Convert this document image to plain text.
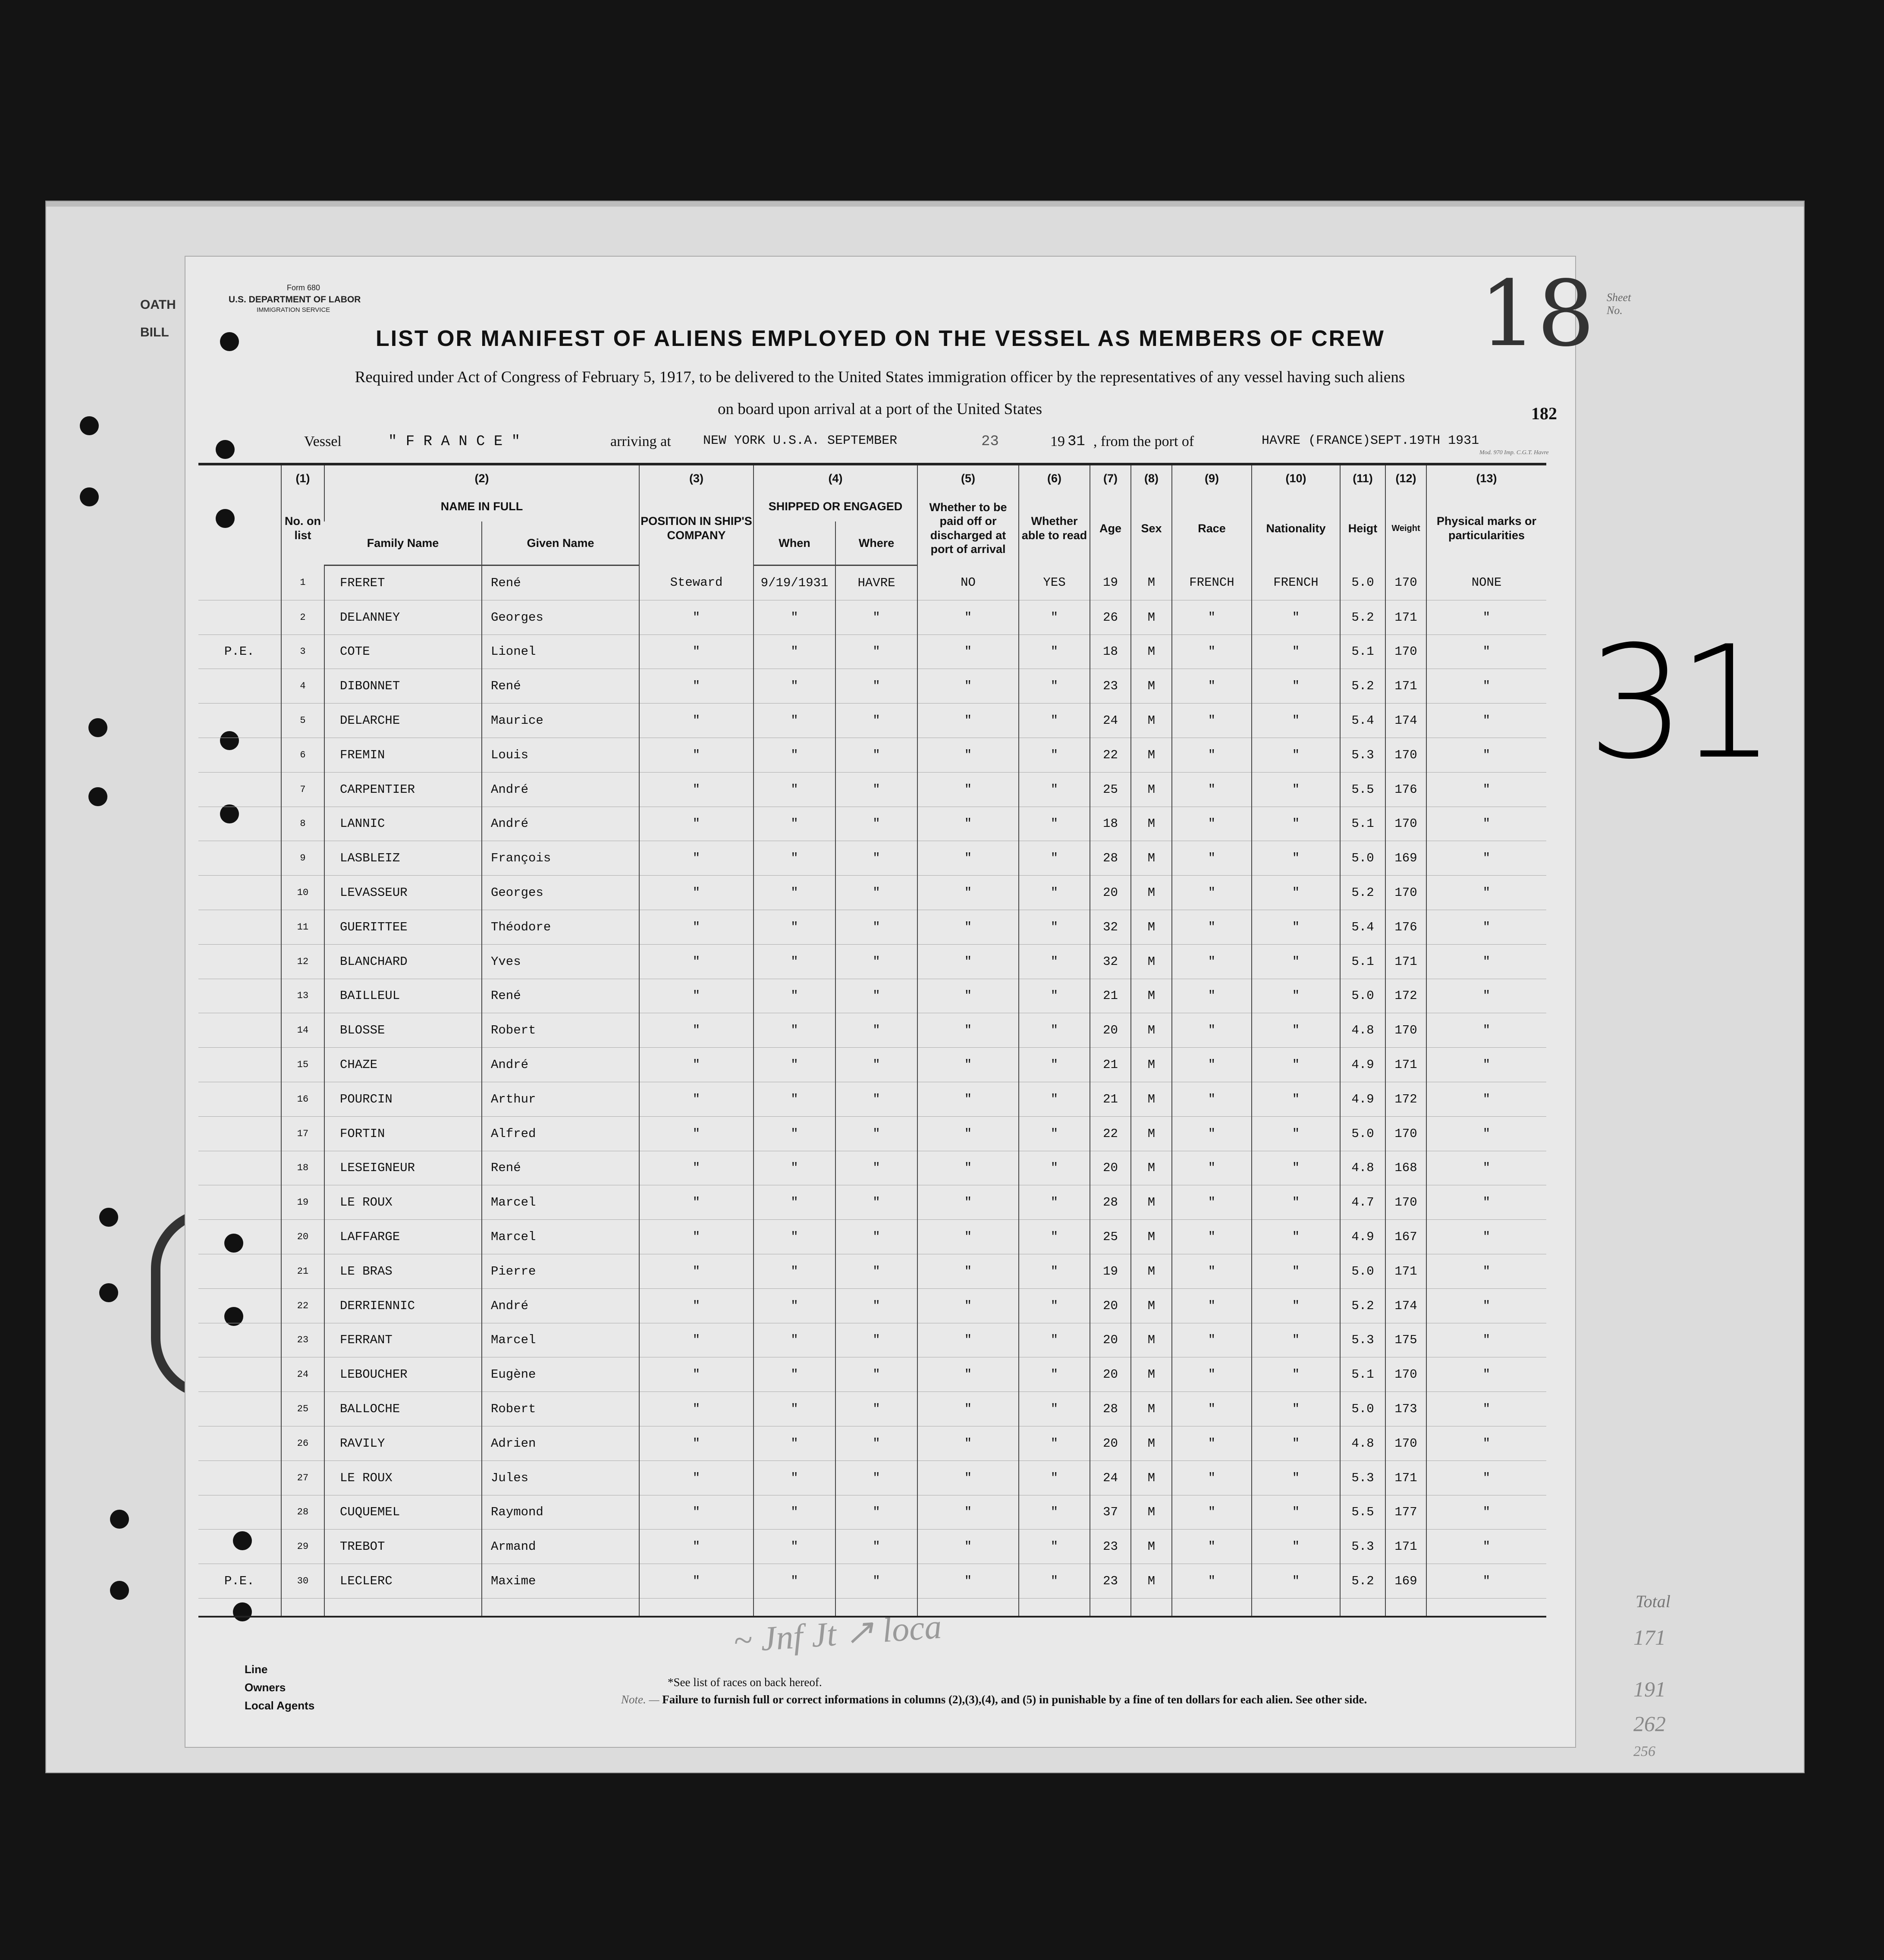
Total
171
191
262
256
31
OATH
BILL
Form 680
U.S. DEPARTMENT OF LABOR
IMMIGRATION SERVICE
Sheet No.
18
LIST OR MANIFEST OF ALIENS EMPLOYED ON THE VESSEL AS MEMBERS OF CREW
Required under Act of Congress of February 5, 1917, to be delivered to the United States immigration officer by the representatives of any vessel having such aliens
on board upon arrival at a port of the United States	182
Vessel	" F R A N C E "	arriving at NEW YORK U.S.A. SEPTEMBER	23	19 31 , from the port of	HAVRE (FRANCE)SEPT.19TH 1931
Mod. 970 Imp. C.G.T. Havre
	(1)	(2)		(3)	(4)		(5)	(6)	(7)	(8)	(9)	(10)	(11)	(12)	(13)
	No. on list	NAME IN FULL		POSITION IN SHIP'S COMPANY	SHIPPED OR ENGAGED		Whether to be paid off or discharged at port of arrival	Whether able to read	Age	Sex	Race	Nationality	Heigt	Weight	Physical marks or particularities
		Family Name	Given Name		When	Where									
	1	FRERET	René	Steward	9/19/1931	HAVRE	NO	YES	19	M	FRENCH	FRENCH	5.0	170	NONE
	2	DELANNEY	Georges	"	"	"	"	"	26	M	"	"	5.2	171	"
P.E.	3	COTE	Lionel	"	"	"	"	"	18	M	"	"	5.1	170	"
	4	DIBONNET	René	"	"	"	"	"	23	M	"	"	5.2	171	"
	5	DELARCHE	Maurice	"	"	"	"	"	24	M	"	"	5.4	174	"
	6	FREMIN	Louis	"	"	"	"	"	22	M	"	"	5.3	170	"
	7	CARPENTIER	André	"	"	"	"	"	25	M	"	"	5.5	176	"
	8	LANNIC	André	"	"	"	"	"	18	M	"	"	5.1	170	"
	9	LASBLEIZ	François	"	"	"	"	"	28	M	"	"	5.0	169	"
	10	LEVASSEUR	Georges	"	"	"	"	"	20	M	"	"	5.2	170	"
	11	GUERITTEE	Théodore	"	"	"	"	"	32	M	"	"	5.4	176	"
	12	BLANCHARD	Yves	"	"	"	"	"	32	M	"	"	5.1	171	"
	13	BAILLEUL	René	"	"	"	"	"	21	M	"	"	5.0	172	"
	14	BLOSSE	Robert	"	"	"	"	"	20	M	"	"	4.8	170	"
	15	CHAZE	André	"	"	"	"	"	21	M	"	"	4.9	171	"
	16	POURCIN	Arthur	"	"	"	"	"	21	M	"	"	4.9	172	"
	17	FORTIN	Alfred	"	"	"	"	"	22	M	"	"	5.0	170	"
	18	LESEIGNEUR	René	"	"	"	"	"	20	M	"	"	4.8	168	"
	19	LE ROUX	Marcel	"	"	"	"	"	28	M	"	"	4.7	170	"
	20	LAFFARGE	Marcel	"	"	"	"	"	25	M	"	"	4.9	167	"
	21	LE BRAS	Pierre	"	"	"	"	"	19	M	"	"	5.0	171	"
	22	DERRIENNIC	André	"	"	"	"	"	20	M	"	"	5.2	174	"
	23	FERRANT	Marcel	"	"	"	"	"	20	M	"	"	5.3	175	"
	24	LEBOUCHER	Eugène	"	"	"	"	"	20	M	"	"	5.1	170	"
	25	BALLOCHE	Robert	"	"	"	"	"	28	M	"	"	5.0	173	"
	26	RAVILY	Adrien	"	"	"	"	"	20	M	"	"	4.8	170	"
	27	LE ROUX	Jules	"	"	"	"	"	24	M	"	"	5.3	171	"
	28	CUQUEMEL	Raymond	"	"	"	"	"	37	M	"	"	5.5	177	"
	29	TREBOT	Armand	"	"	"	"	"	23	M	"	"	5.3	171	"
P.E.	30	LECLERC	Maxime	"	"	"	"	"	23	M	"	"	5.2	169	"

~ Jnf Jt ↗ loca
Line
Owners
Local Agents
*See list of races on back hereof.
Note. — Failure to furnish full or correct informations in columns (2),(3),(4), and (5) in punishable by a fine of ten dollars for each alien. See other side.
